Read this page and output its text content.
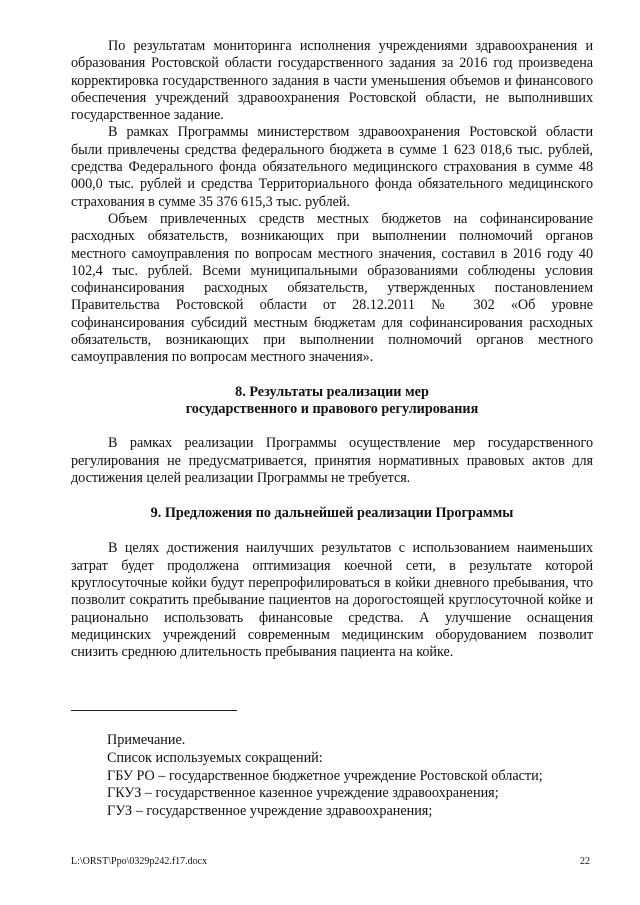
По результатам мониторинга исполнения учреждениями здравоохранения и образования Ростовской области государственного задания за 2016 год произведена корректировка государственного задания в части уменьшения объемов и финансового обеспечения учреждений здравоохранения Ростовской области, не выполнивших государственное задание.

В рамках Программы министерством здравоохранения Ростовской области были привлечены средства федерального бюджета в сумме 1 623 018,6 тыс. рублей, средства Федерального фонда обязательного медицинского страхования в сумме 48 000,0 тыс. рублей и средства Территориального фонда обязательного медицинского страхования в сумме 35 376 615,3 тыс. рублей.

Объем привлеченных средств местных бюджетов на софинансирование расходных обязательств, возникающих при выполнении полномочий органов местного самоуправления по вопросам местного значения, составил в 2016 году 40 102,4 тыс. рублей. Всеми муниципальными образованиями соблюдены условия софинансирования расходных обязательств, утвержденных постановлением Правительства Ростовской области от 28.12.2011 № 302 «Об уровне софинансирования субсидий местным бюджетам для софинансирования расходных обязательств, возникающих при выполнении полномочий органов местного самоуправления по вопросам местного значения».

8. Результаты реализации мер
государственного и правового регулирования

В рамках реализации Программы осуществление мер государственного регулирования не предусматривается, принятия нормативных правовых актов для достижения целей реализации Программы не требуется.

9. Предложения по дальнейшей реализации Программы

В целях достижения наилучших результатов с использованием наименьших затрат будет продолжена оптимизация коечной сети, в результате которой круглосуточные койки будут перепрофилироваться в койки дневного пребывания, что позволит сократить пребывание пациентов на дорогостоящей круглосуточной койке и рационально использовать финансовые средства. А улучшение оснащения медицинских учреждений современным медицинским оборудованием позволит снизить среднюю длительность пребывания пациента на койке.

Примечание.
Список используемых сокращений:
ГБУ РО – государственное бюджетное учреждение Ростовской области;
ГКУЗ – государственное казенное учреждение здравоохранения;
ГУЗ – государственное учреждение здравоохранения;
L:\ORST\Ppo\0329p242.f17.docx	22
